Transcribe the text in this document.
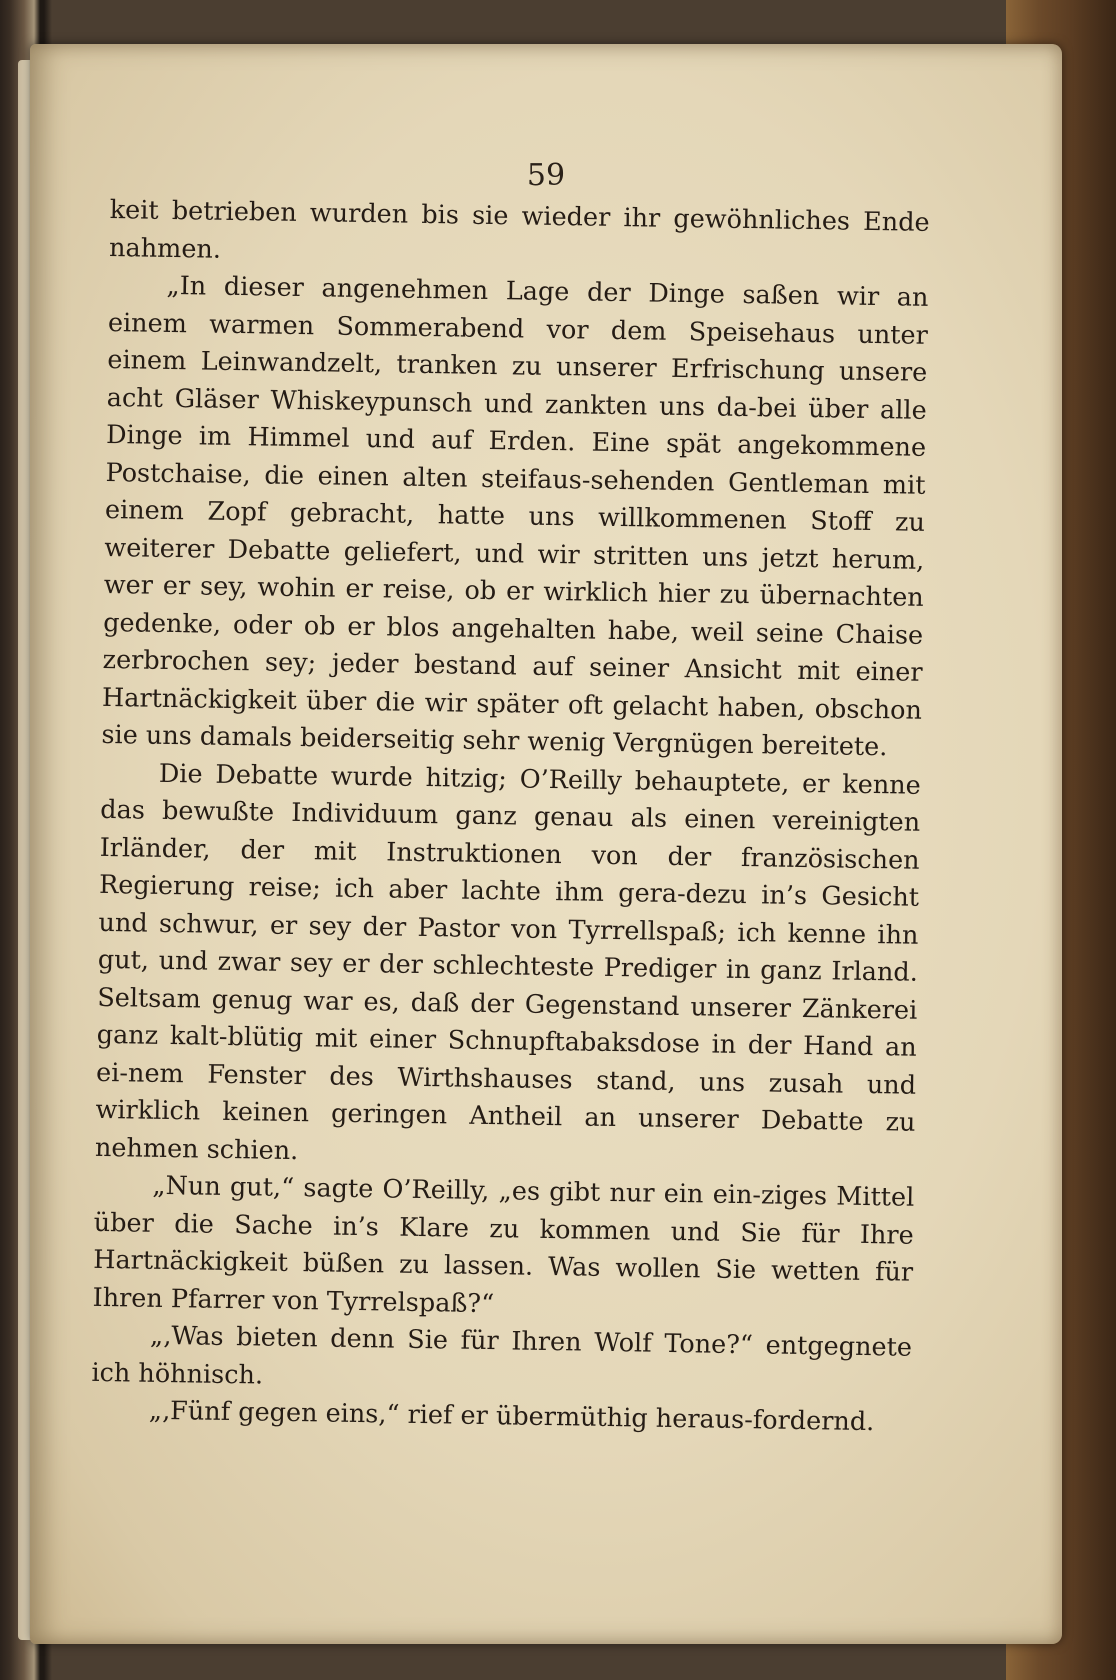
59

keit betrieben wurden bis sie wieder ihr gewöhnliches Ende nahmen.

„In dieser angenehmen Lage der Dinge saßen wir an einem warmen Sommerabend vor dem Speisehaus unter einem Leinwandzelt, tranken zu unserer Erfrischung unsere acht Gläser Whiskeypunsch und zankten uns da-bei über alle Dinge im Himmel und auf Erden. Eine spät angekommene Postchaise, die einen alten steifaus-sehenden Gentleman mit einem Zopf gebracht, hatte uns willkommenen Stoff zu weiterer Debatte geliefert, und wir stritten uns jetzt herum, wer er sey, wohin er reise, ob er wirklich hier zu übernachten gedenke, oder ob er blos angehalten habe, weil seine Chaise zerbrochen sey; jeder bestand auf seiner Ansicht mit einer Hartnäckigkeit über die wir später oft gelacht haben, obschon sie uns damals beiderseitig sehr wenig Vergnügen bereitete.

Die Debatte wurde hitzig; O’Reilly behauptete, er kenne das bewußte Individuum ganz genau als einen vereinigten Irländer, der mit Instruktionen von der französischen Regierung reise; ich aber lachte ihm gera-dezu in’s Gesicht und schwur, er sey der Pastor von Tyrrellspaß; ich kenne ihn gut, und zwar sey er der schlechteste Prediger in ganz Irland. Seltsam genug war es, daß der Gegenstand unserer Zänkerei ganz kalt-blütig mit einer Schnupftabaksdose in der Hand an ei-nem Fenster des Wirthshauses stand, uns zusah und wirklich keinen geringen Antheil an unserer Debatte zu nehmen schien.

„Nun gut,“ sagte O’Reilly, „es gibt nur ein ein-ziges Mittel über die Sache in’s Klare zu kommen und Sie für Ihre Hartnäckigkeit büßen zu lassen. Was wollen Sie wetten für Ihren Pfarrer von Tyrrelspaß?“

„‚Was bieten denn Sie für Ihren Wolf Tone?“ entgegnete ich höhnisch.

„‚Fünf gegen eins,“ rief er übermüthig heraus-fordernd.
